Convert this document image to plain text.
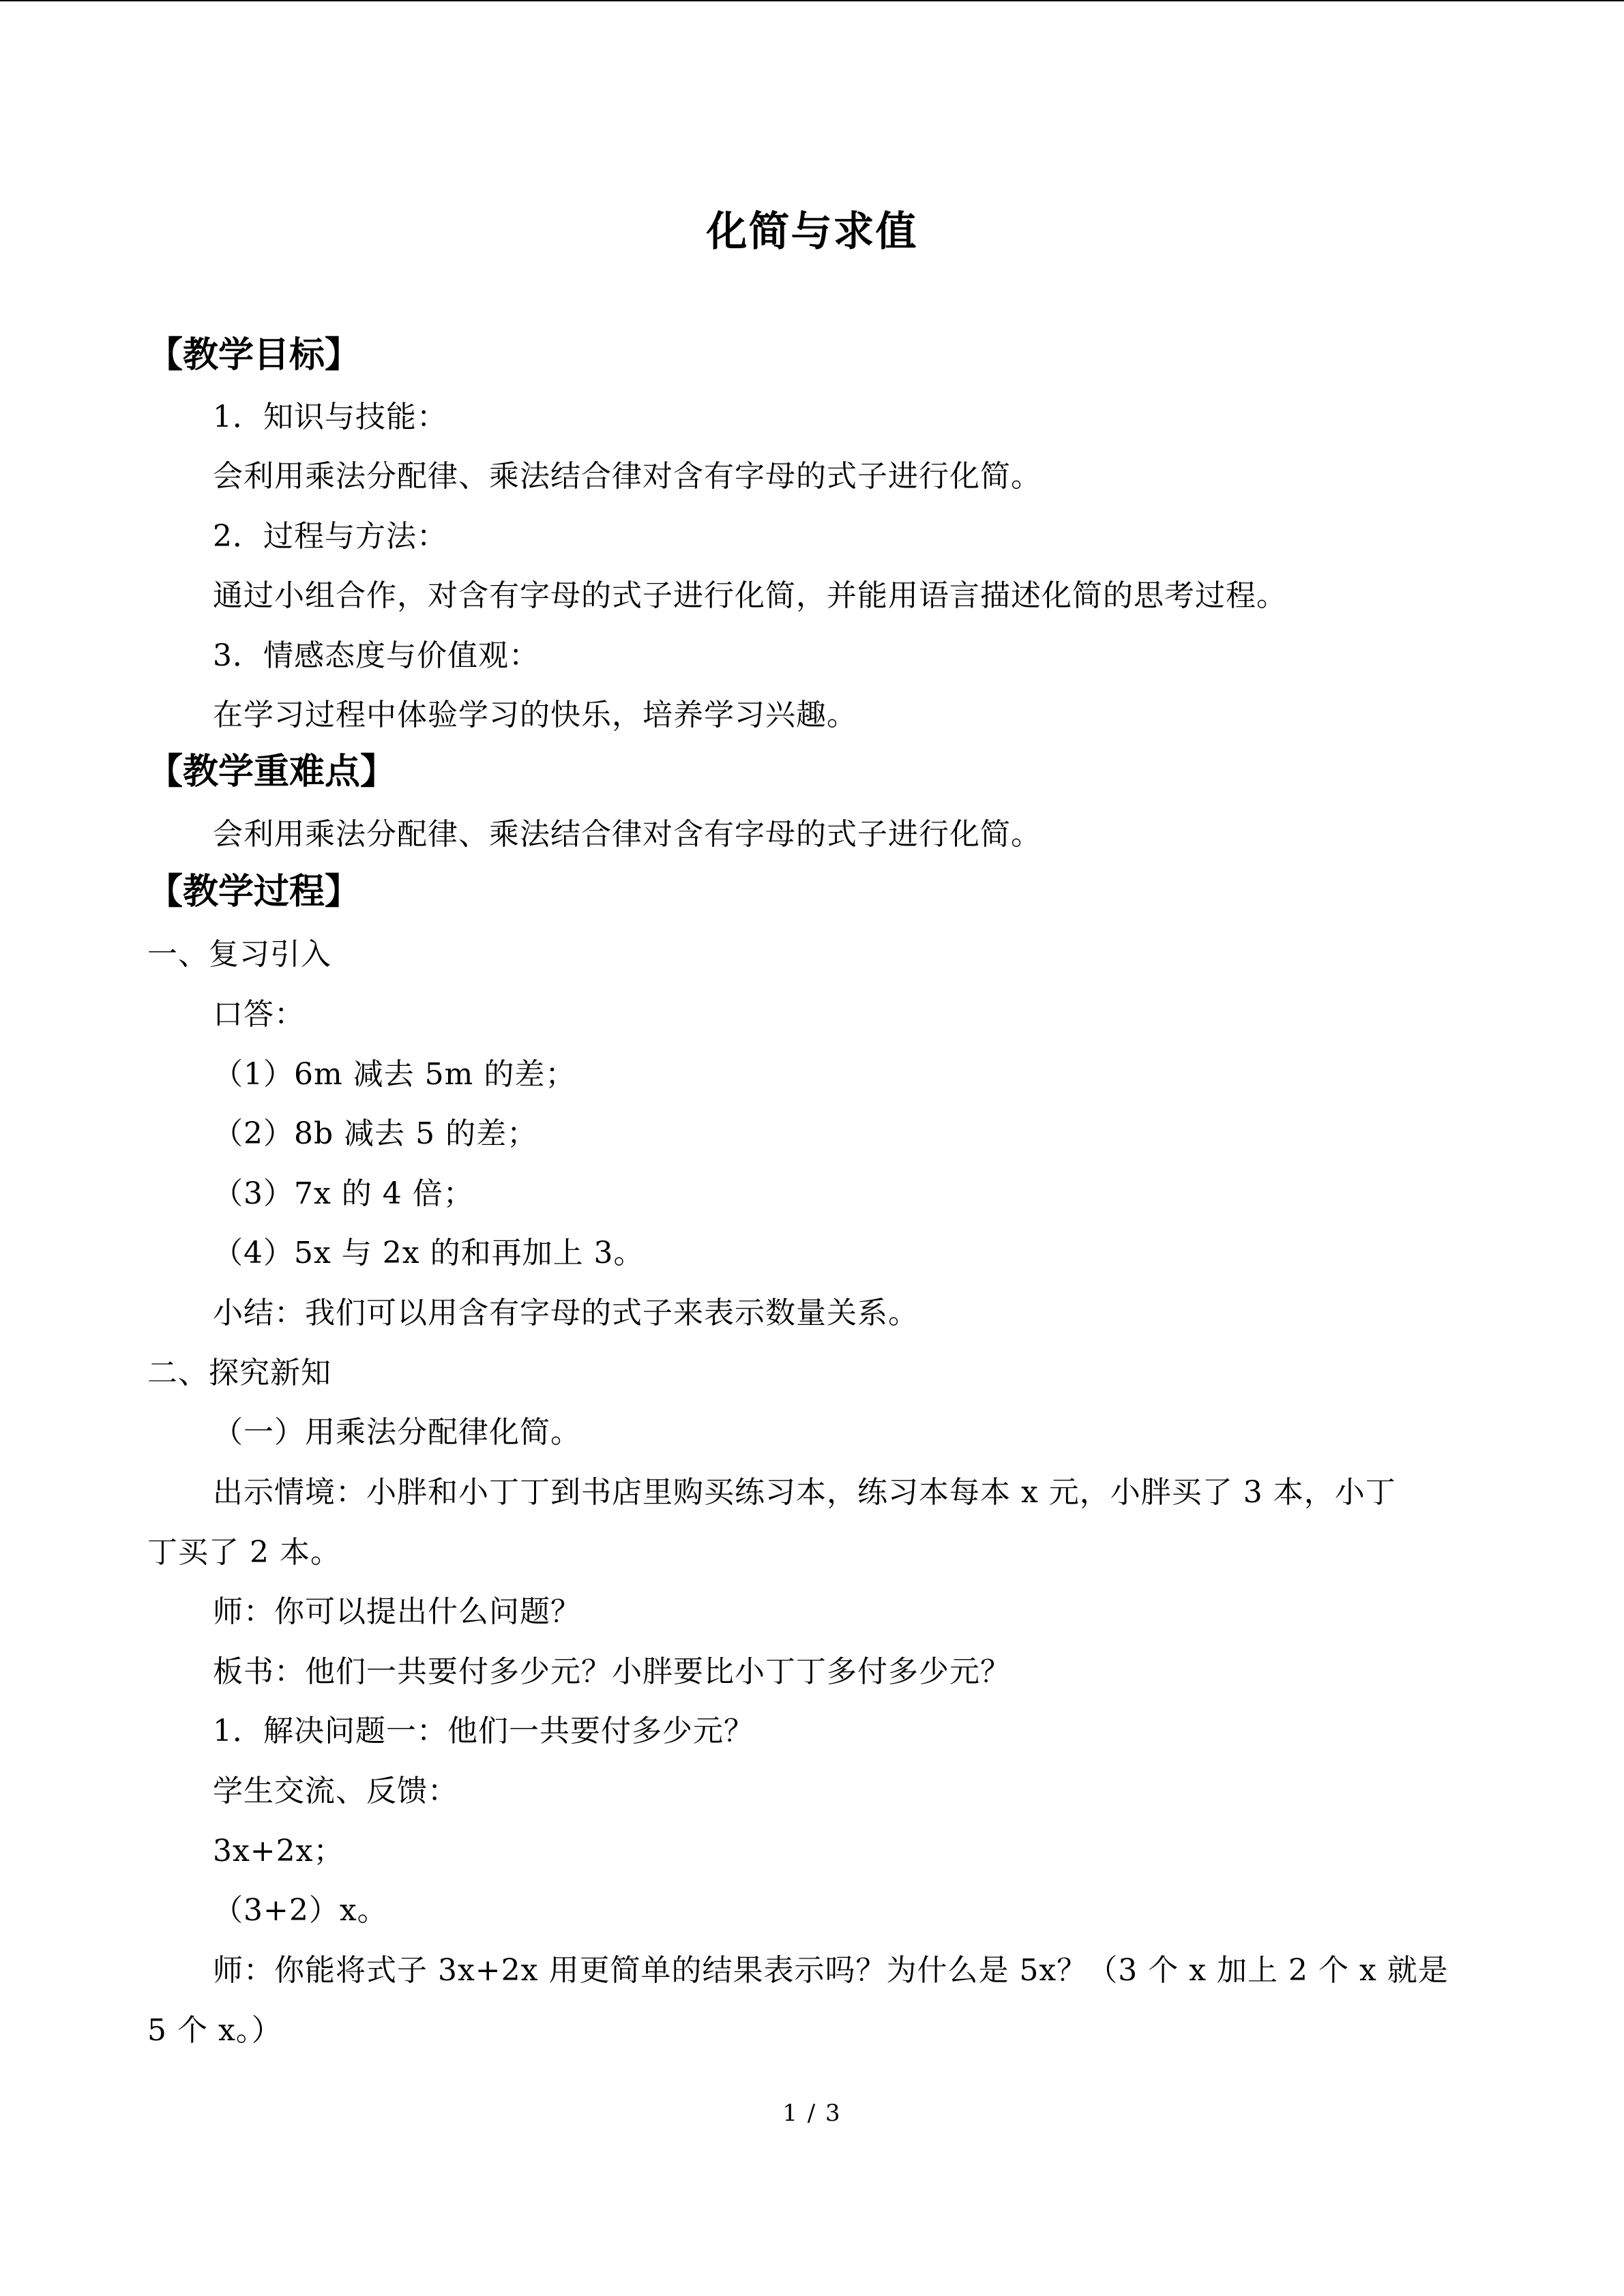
化简与求值
【教学目标】
1．知识与技能：
会利用乘法分配律、乘法结合律对含有字母的式子进行化简。
2．过程与方法：
通过小组合作，对含有字母的式子进行化简，并能用语言描述化简的思考过程。
3．情感态度与价值观：
在学习过程中体验学习的快乐，培养学习兴趣。
【教学重难点】
会利用乘法分配律、乘法结合律对含有字母的式子进行化简。
【教学过程】
一、复习引入
口答：
（1）6m 减去 5m 的差；
（2）8b 减去 5 的差；
（3）7x 的 4 倍；
（4）5x 与 2x 的和再加上 3。
小结：我们可以用含有字母的式子来表示数量关系。
二、探究新知
（一）用乘法分配律化简。
出示情境：小胖和小丁丁到书店里购买练习本，练习本每本 x 元，小胖买了 3 本，小丁
丁买了 2 本。
师：你可以提出什么问题？
板书：他们一共要付多少元？小胖要比小丁丁多付多少元？
1．解决问题一：他们一共要付多少元？
学生交流、反馈：
3x+2x；
（3+2）x。
师：你能将式子 3x+2x 用更简单的结果表示吗？为什么是 5x？（3 个 x 加上 2 个 x 就是
5 个 x。）
1 / 3
